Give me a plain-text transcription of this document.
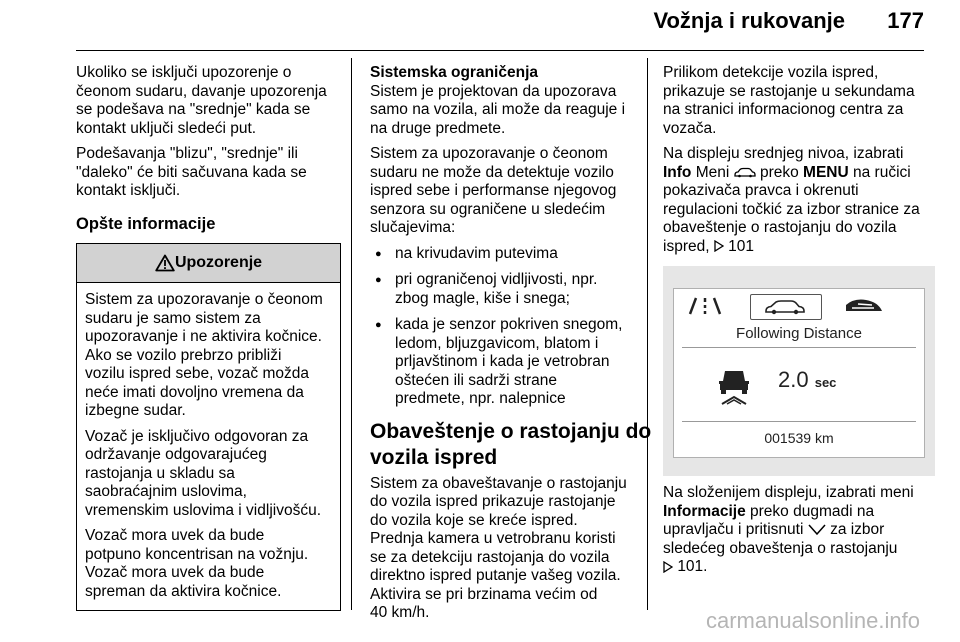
Vožnja i rukovanje 177

Ukoliko se isključi upozorenje o
čeonom sudaru, davanje upozorenja
se podešava na "srednje" kada se
kontakt uključi sledeći put.

Podešavanja "blizu", "srednje" ili
"daleko" će biti sačuvana kada se
kontakt isključi.

Opšte informacije
Upozorenje

Sistem za upozoravanje o čeonom
sudaru je samo sistem za
upozoravanje i ne aktivira kočnice.
Ako se vozilo prebrzo približi
vozilu ispred sebe, vozač možda
neće imati dovoljno vremena da
izbegne sudar.

Vozač je isključivo odgovoran za
održavanje odgovarajućeg
rastojanja u skladu sa
saobraćajnim uslovima,
vremenskim uslovima i vidljivošću.

Vozač mora uvek da bude
potpuno koncentrisan na vožnju.
Vozač mora uvek da bude
spreman da aktivira kočnice.

Sistemska ograničenja
Sistem je projektovan da upozorava
samo na vozila, ali može da reaguje i
na druge predmete.

Sistem za upozoravanje o čeonom
sudaru ne može da detektuje vozilo
ispred sebe i performanse njegovog
senzora su ograničene u sledećim
slučajevima:

● na krivudavim putevima
● pri ograničenoj vidljivosti, npr.
zbog magle, kiše i snega;
● kada je senzor pokriven snegom,
ledom, bljuzgavicom, blatom i
prljavštinom i kada je vetrobran
oštećen ili sadrži strane
predmete, npr. nalepnice
Obaveštenje o rastojanju do
vozila ispred

Sistem za obaveštavanje o rastojanju
do vozila ispred prikazuje rastojanje
do vozila koje se kreće ispred.
Prednja kamera u vetrobranu koristi
se za detekciju rastojanja do vozila
direktno ispred putanje vašeg vozila.
Aktivira se pri brzinama većim od
40 km/h.

Prilikom detekcije vozila ispred,
prikazuje se rastojanje u sekundama
na stranici informacionog centra za
vozača.

Na displeju srednjeg nivoa, izabrati
Info Meni preko MENU na ručici
pokazivača pravca i okrenuti
regulacioni točkić za izbor stranice za
obaveštenje o rastojanju do vozila
ispred, 101

Following Distance
2.0 sec
001539 km

Na složenijem displeju, izabrati meni
Informacije preko dugmadi na
upravljaču i pritisnuti za izbor
sledećeg obaveštenja o rastojanju
101.

carmanualsonline.info
